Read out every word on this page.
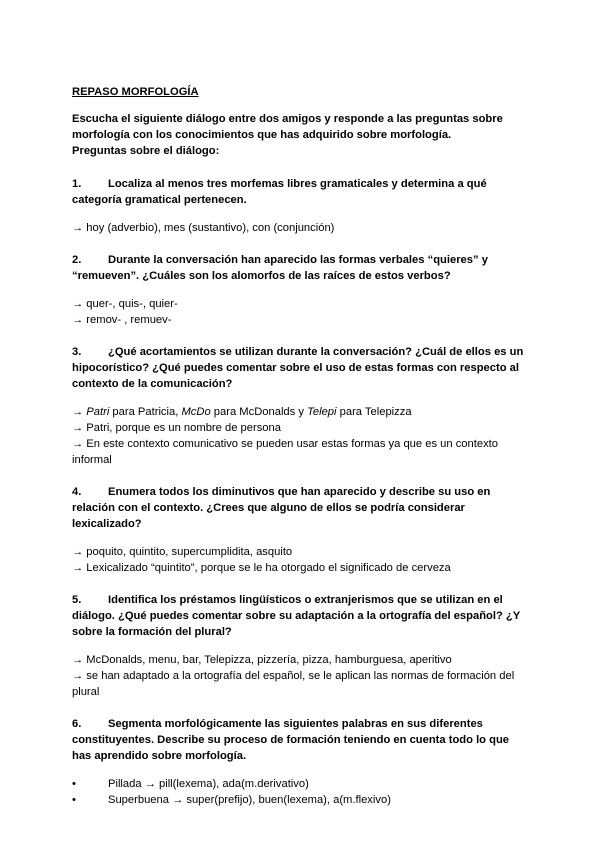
REPASO MORFOLOGÍA

Escucha el siguiente diálogo entre dos amigos y responde a las preguntas sobre
morfología con los conocimientos que has adquirido sobre morfología.
Preguntas sobre el diálogo:
1. Localiza al menos tres morfemas libres gramaticales y determina a qué
categoría gramatical pertenecen.
→ hoy (adverbio), mes (sustantivo), con (conjunción)
2. Durante la conversación han aparecido las formas verbales “quieres” y
“remueven”. ¿Cuáles son los alomorfos de las raíces de estos verbos?
→ quer-, quis-, quier-
→ remov- , remuev-
3. ¿Qué acortamientos se utilizan durante la conversación? ¿Cuál de ellos es un
hipocorístico? ¿Qué puedes comentar sobre el uso de estas formas con respecto al
contexto de la comunicación?
→ Patri para Patricia, McDo para McDonalds y Telepi para Telepizza
→ Patri, porque es un nombre de persona
→ En este contexto comunicativo se pueden usar estas formas ya que es un contexto
informal
4. Enumera todos los diminutivos que han aparecido y describe su uso en
relación con el contexto. ¿Crees que alguno de ellos se podría considerar
lexicalizado?
→ poquito, quintito, supercumplidita, asquito
→ Lexicalizado “quintito”, porque se le ha otorgado el significado de cerveza
5. Identifica los préstamos lingüísticos o extranjerismos que se utilizan en el
diálogo. ¿Qué puedes comentar sobre su adaptación a la ortografía del español? ¿Y
sobre la formación del plural?
→ McDonalds, menu, bar, Telepizza, pizzería, pizza, hamburguesa, aperitivo
→ se han adaptado a la ortografía del español, se le aplican las normas de formación del
plural
6. Segmenta morfológicamente las siguientes palabras en sus diferentes
constituyentes. Describe su proceso de formación teniendo en cuenta todo lo que
has aprendido sobre morfología.
•	Pillada → pill(lexema), ada(m.derivativo)
•	Superbuena → super(prefijo), buen(lexema), a(m.flexivo)
